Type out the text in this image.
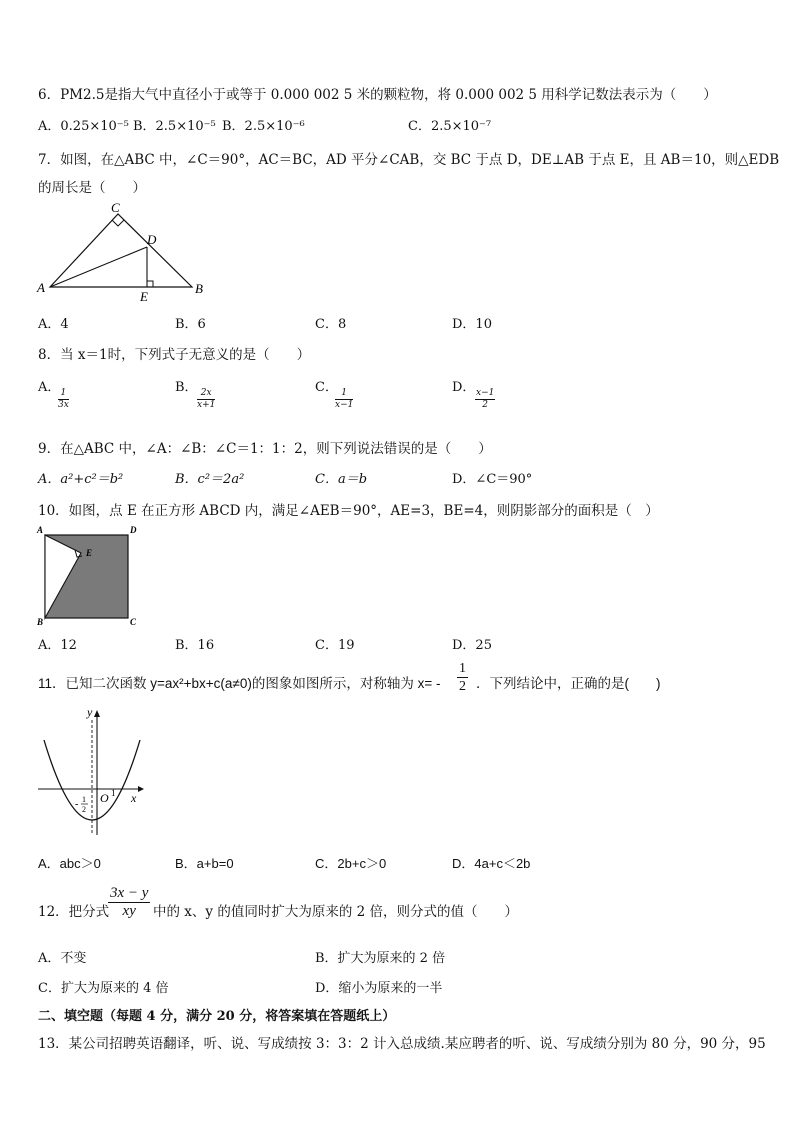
6．PM2.5是指大气中直径小于或等于 0.000 002 5 米的颗粒物，将 0.000 002 5 用科学记数法表示为（　　）
A．0.25×10⁻⁵ B．2.5×10⁻⁵ B．2.5×10⁻⁶	C．2.5×10⁻⁷
7．如图，在△ABC 中，∠C＝90°，AC＝BC，AD 平分∠CAB，交 BC 于点 D，DE⊥AB 于点 E，且 AB＝10，则△EDB
的周长是（　　）
C
D
A
E
B
A．4	B．6	C．8	D．10
8．当 x＝1时，下列式子无意义的是（　　）
A．
$\frac{1}{3x}$
B．
$\frac{2x}{x+1}$
C．
$\frac{1}{x-1}$
D．
$\frac{x-1}{2}$
9．在△ABC 中，∠A：∠B：∠C＝1：1：2，则下列说法错误的是（　　）
A．a²+c²＝b²	B．c²＝2a²	C．a＝b	D．∠C＝90°
10．如图，点 E 在正方形 ABCD 内，满足∠AEB＝90°，AE=3，BE=4，则阴影部分的面积是（　）
A	D
E
B	C
A．12	B．16	C．19	D．25
11．已知二次函数 y=ax²+bx+c(a≠0)的图象如图所示，对称轴为 $x= - \frac{1}{2}$ ．下列结论中，正确的是(　　)
y
x
O 1
- 1
2
A．abc＞0	B．a+b=0	C．2b+c＞0	D．4a+c＜2b
12．把分式
$\frac{3x - y}{xy}$ 中的 x、y 的值同时扩大为原来的 2 倍，则分式的值（　　）
A．不变	B．扩大为原来的 2 倍
C．扩大为原来的 4 倍	D．缩小为原来的一半
二、填空题（每题 4 分，满分 20 分，将答案填在答题纸上）
13．某公司招聘英语翻译，听、说、写成绩按 3：3：2 计入总成绩.某应聘者的听、说、写成绩分别为 80 分，90 分，95
